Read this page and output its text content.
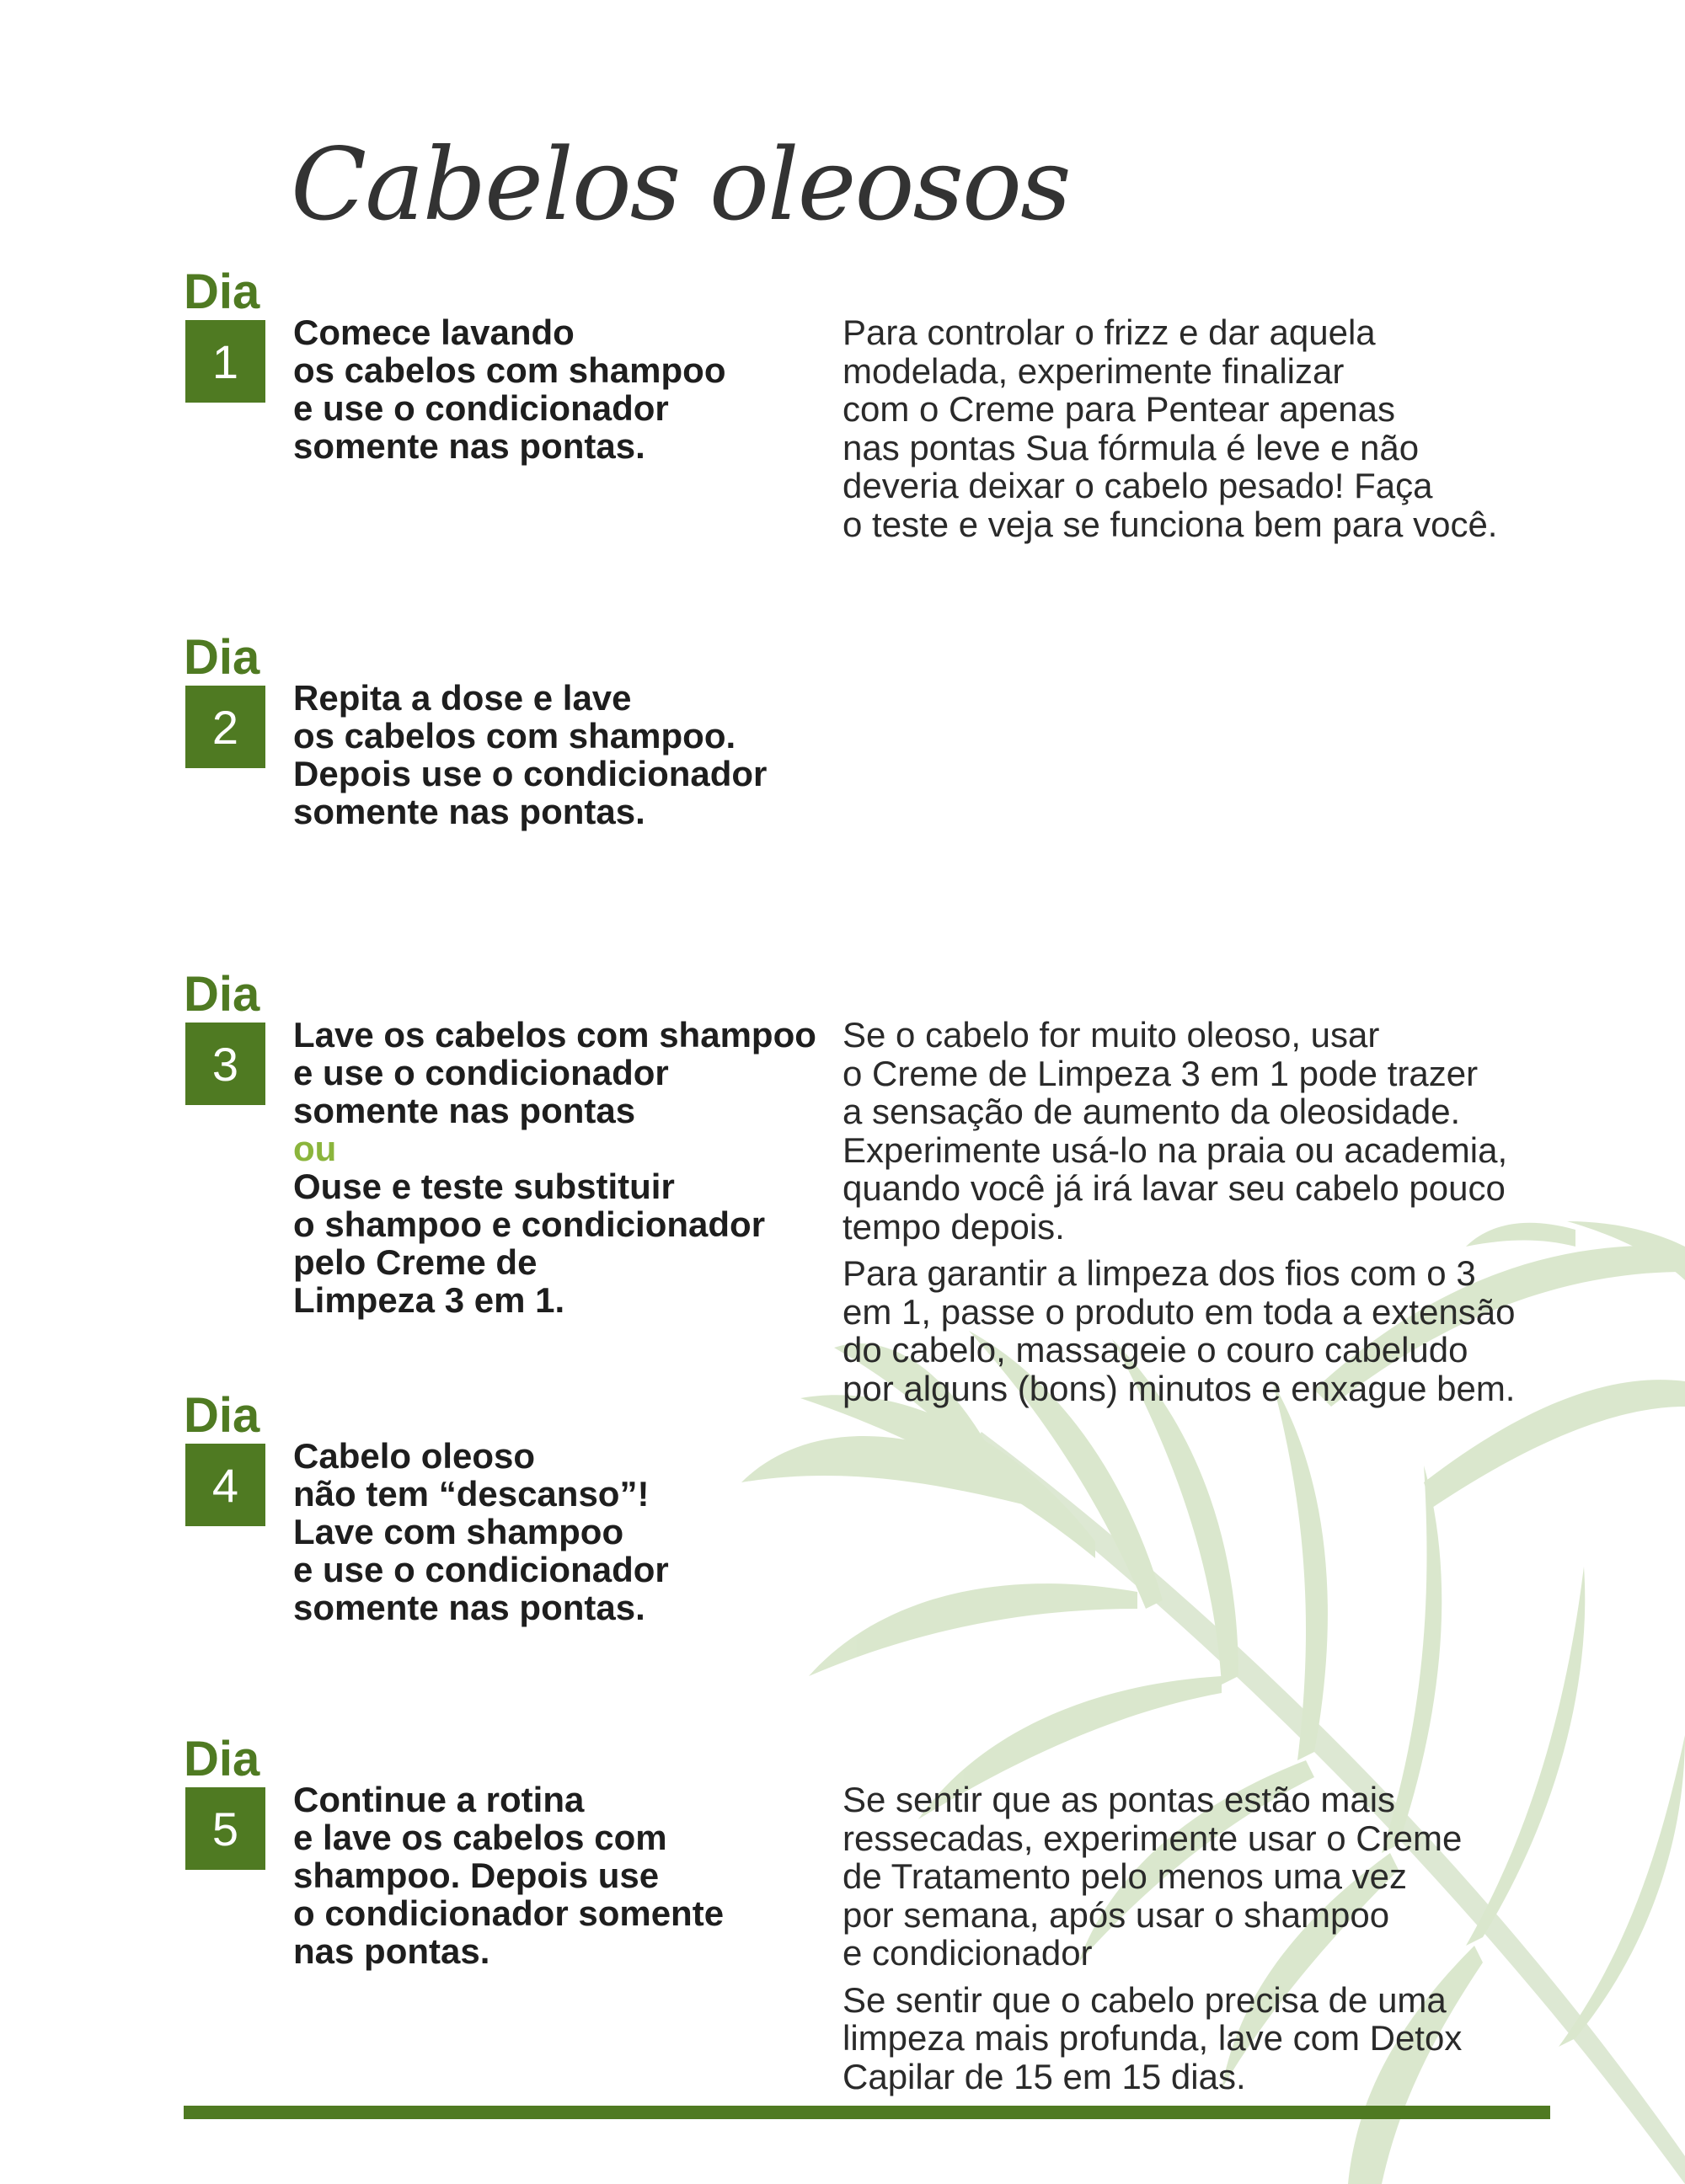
Cabelos oleosos
Dia
1

Comece lavando

os cabelos com shampoo

e use o condicionador

somente nas pontas.

Para controlar o frizz e dar aquela
modelada, experimente finalizar
com o Creme para Pentear apenas
nas pontas Sua fórmula é leve e não
deveria deixar o cabelo pesado! Faça
o teste e veja se funciona bem para você.

Dia
2

Repita a dose e lave

os cabelos com shampoo.

Depois use o condicionador

somente nas pontas.

Dia
3

Lave os cabelos com shampoo

e use o condicionador

somente nas pontas

ou

Ouse e teste substituir

o shampoo e condicionador

pelo Creme de

Limpeza 3 em 1.

Se o cabelo for muito oleoso, usar
o Creme de Limpeza 3 em 1 pode trazer
a sensação de aumento da oleosidade.
Experimente usá-lo na praia ou academia,
quando você já irá lavar seu cabelo pouco
tempo depois.

Para garantir a limpeza dos fios com o 3
em 1, passe o produto em toda a extensão
do cabelo, massageie o couro cabeludo
por alguns (bons) minutos e enxague bem.

Dia
4

Cabelo oleoso

não tem “descanso”!

Lave com shampoo

e use o condicionador

somente nas pontas.

Dia
5

Continue a rotina

e lave os cabelos com

shampoo. Depois use

o condicionador somente

nas pontas.

Se sentir que as pontas estão mais
ressecadas, experimente usar o Creme
de Tratamento pelo menos uma vez
por semana, após usar o shampoo
e condicionador

Se sentir que o cabelo precisa de uma
limpeza mais profunda, lave com Detox
Capilar de 15 em 15 dias.
